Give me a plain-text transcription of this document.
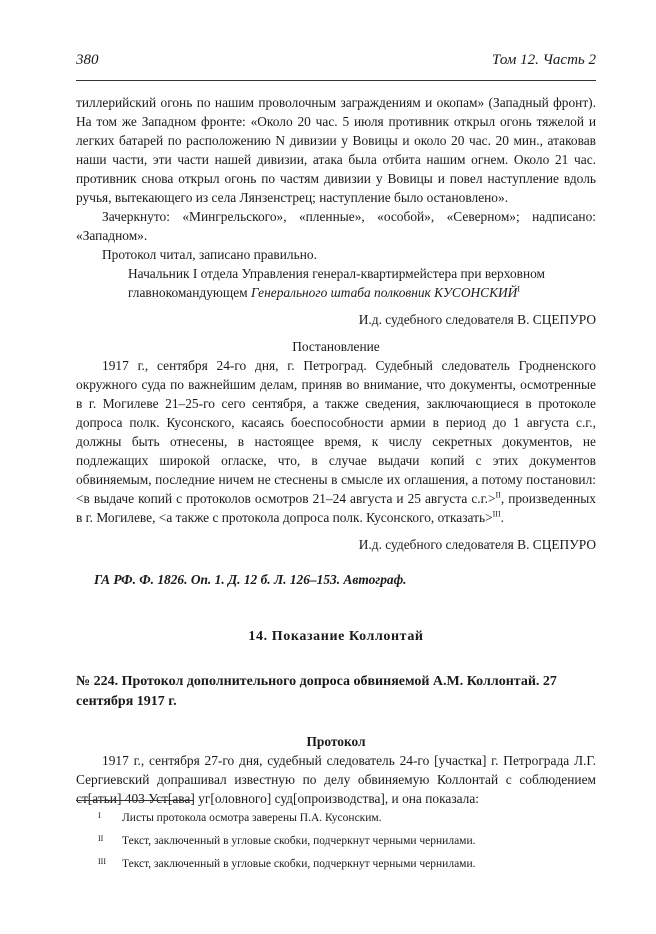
380	Том 12. Часть 2

тиллерийский огонь по нашим проволочным заграждениям и окопам» (Западный фронт). На том же Западном фронте: «Около 20 час. 5 июля противник открыл огонь тяжелой и легких батарей по расположению N дивизии у Вовицы и около 20 час. 20 мин., атаковав наши части, эти части нашей дивизии, атака была отбита нашим огнем. Около 21 час. противник снова открыл огонь по частям дивизии у Вовицы и повел наступление вдоль ручья, вытекающего из села Лянзенстрец; наступление было остановлено».

Зачеркнуто: «Мингрельского», «пленные», «особой», «Северном»; надписано: «Западном».

Протокол читал, записано правильно.

Начальник I отдела Управления генерал-квартирмейстера при верховном главнокомандующем Генерального штаба полковник $КУСОНСКИЙ^I$

И.д. судебного следователя В. СЦЕПУРО

Постановление

1917 г., сентября 24-го дня, г. Петроград. Судебный следователь Гродненского окружного суда по важнейшим делам, приняв во внимание, что документы, осмотренные в г. Могилеве 21–25-го сего сентября, а также сведения, заключающиеся в протоколе допроса полк. Кусонского, касаясь боеспособности армии в период до 1 августа с.г., должны быть отнесены, в настоящее время, к числу секретных документов, не подлежащих широкой огласке, что, в случае выдачи копий с этих документов обвиняемым, последние ничем не стеснены в смысле их оглашения, а потому постановил: <в выдаче копий с протоколов осмотров 21–24 августа и 25 августа с.г.>$^{II}$, произведенных в г. Могилеве, <а также с протокола допроса полк. Кусонского, отказать>$^{III}$.

И.д. судебного следователя В. СЦЕПУРО

ГА РФ. Ф. 1826. Оп. 1. Д. 12 б. Л. 126–153. Автограф.

14. Показание Коллонтай

№ 224. Протокол дополнительного допроса обвиняемой А.М. Коллонтай. 27 сентября 1917 г.

Протокол

1917 г., сентября 27-го дня, судебный следователь 24-го [участка] г. Петрограда Л.Г. Сергиевский допрашивал известную по делу обвиняемую Коллонтай с соблюдением ст[атьи] 403 Уст[ава] уг[оловного] суд[опроизводства], и она показала:

I Листы протокола осмотра заверены П.А. Кусонским.
II Текст, заключенный в угловые скобки, подчеркнут черными чернилами.
III Текст, заключенный в угловые скобки, подчеркнут черными чернилами.
